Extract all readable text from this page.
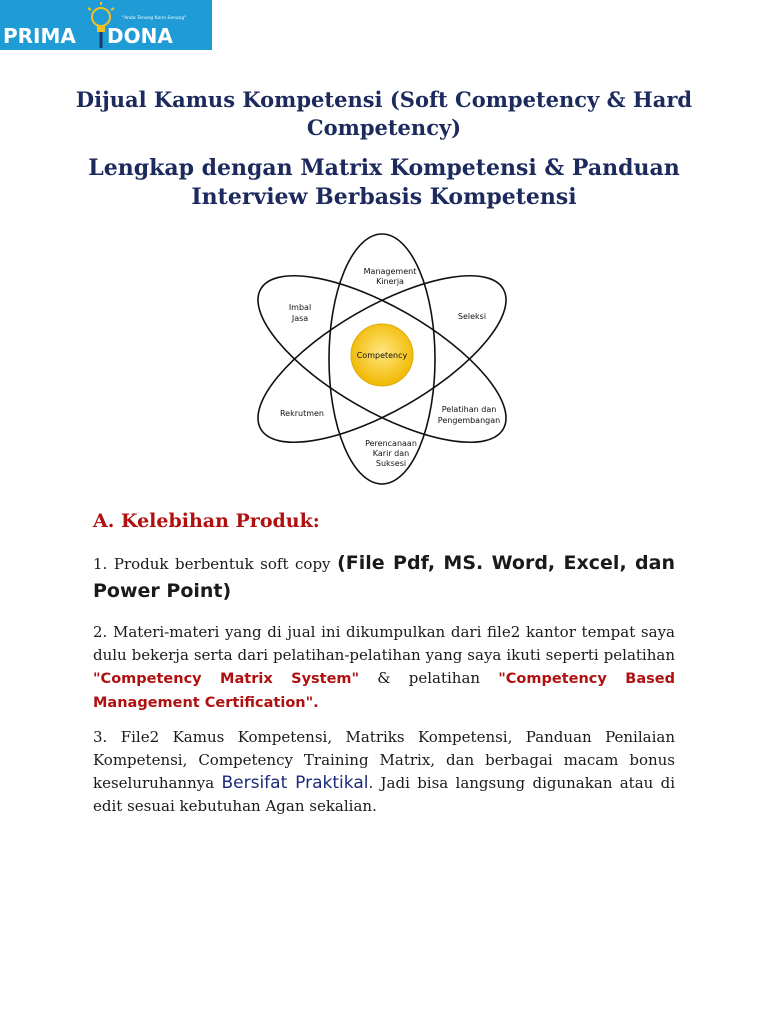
PRIMA DONA
"Anda Tenang Kami Senang"

Dijual Kamus Kompetensi (Soft Competency & Hard Competency)

Lengkap dengan Matrix Kompetensi & Panduan Interview Berbasis Kompetensi

Competency
Management
Kinerja
Imbal
Jasa	Seleksi
Rekrutmen	Pelatihan dan
Pengembangan
Perencanaan
Karir dan
Suksesi
A. Kelebihan Produk:

1. Produk berbentuk soft copy (File Pdf, MS. Word, Excel, dan Power Point)

2. Materi-materi yang di jual ini dikumpulkan dari file2 kantor tempat saya dulu bekerja serta dari pelatihan-pelatihan yang saya ikuti seperti pelatihan "Competency Matrix System" & pelatihan "Competency Based Management Certification".

3. File2 Kamus Kompetensi, Matriks Kompetensi, Panduan Penilaian Kompetensi, Competency Training Matrix, dan berbagai macam bonus keseluruhannya Bersifat Praktikal. Jadi bisa langsung digunakan atau di edit sesuai kebutuhan Agan sekalian.
